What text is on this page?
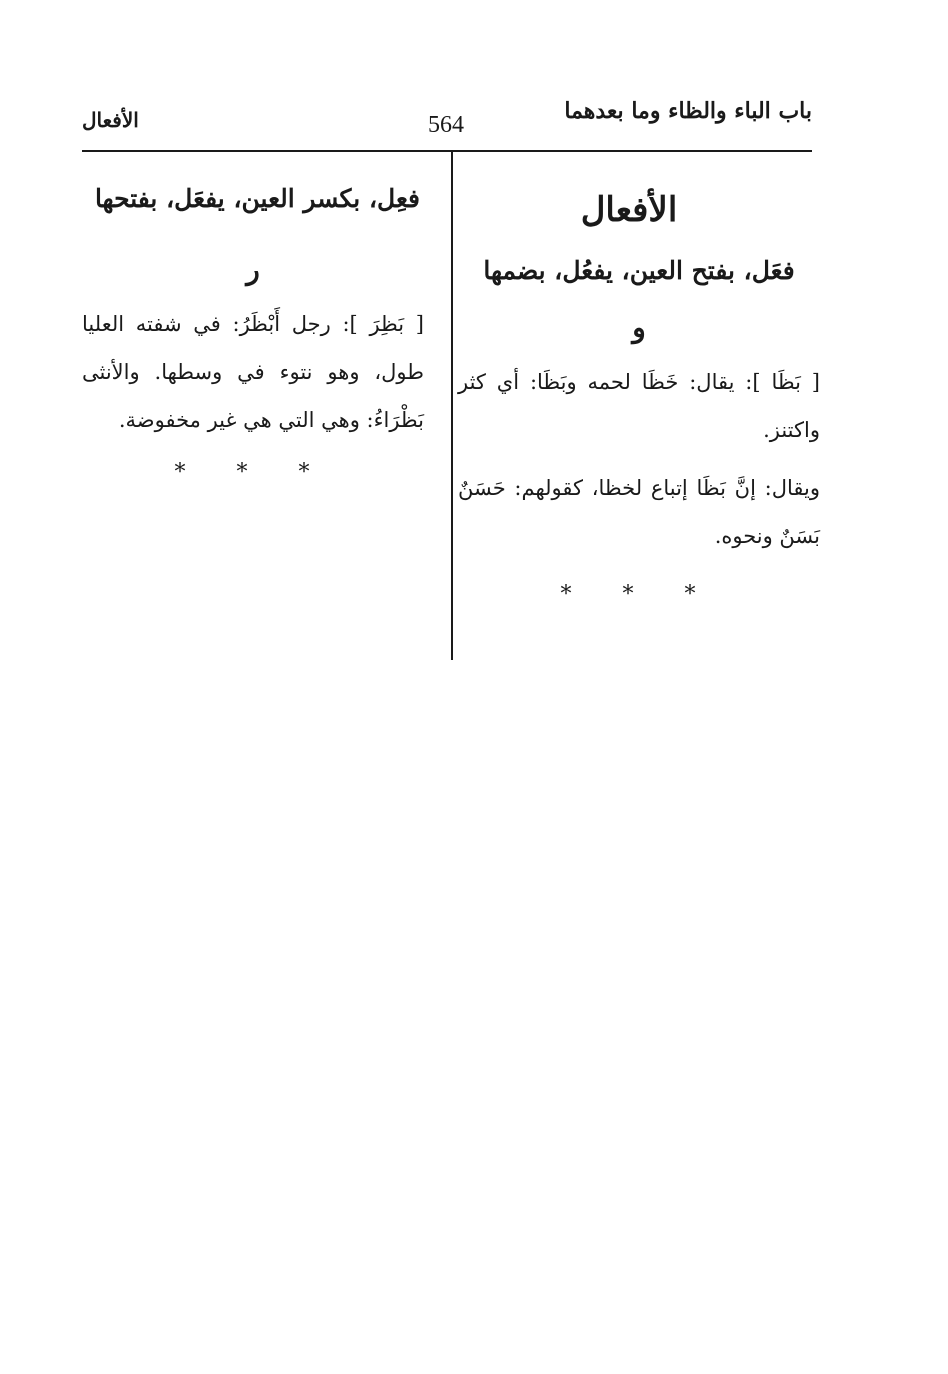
باب الباء والظاء وما بعدهما
564
الأفعال
الأفعال
فعَل، بفتح العين، يفعُل، بضمها
و

[ بَظَا ]: يقال: خَظَا لحمه وبَظَا: أي كثر واكتنز.

ويقال: إنَّ بَظَا إتباع لخظا، كقولهم: حَسَنٌ بَسَنٌ ونحوه.

* * *
فعِل، بكسر العين، يفعَل، بفتحها
ر

[ بَظِرَ ]: رجل أَبْظَرُ: في شفته العليا طول، وهو نتوء في وسطها. والأنثى بَظْرَاءُ: وهي التي هي غير مخفوضة.

* * *
